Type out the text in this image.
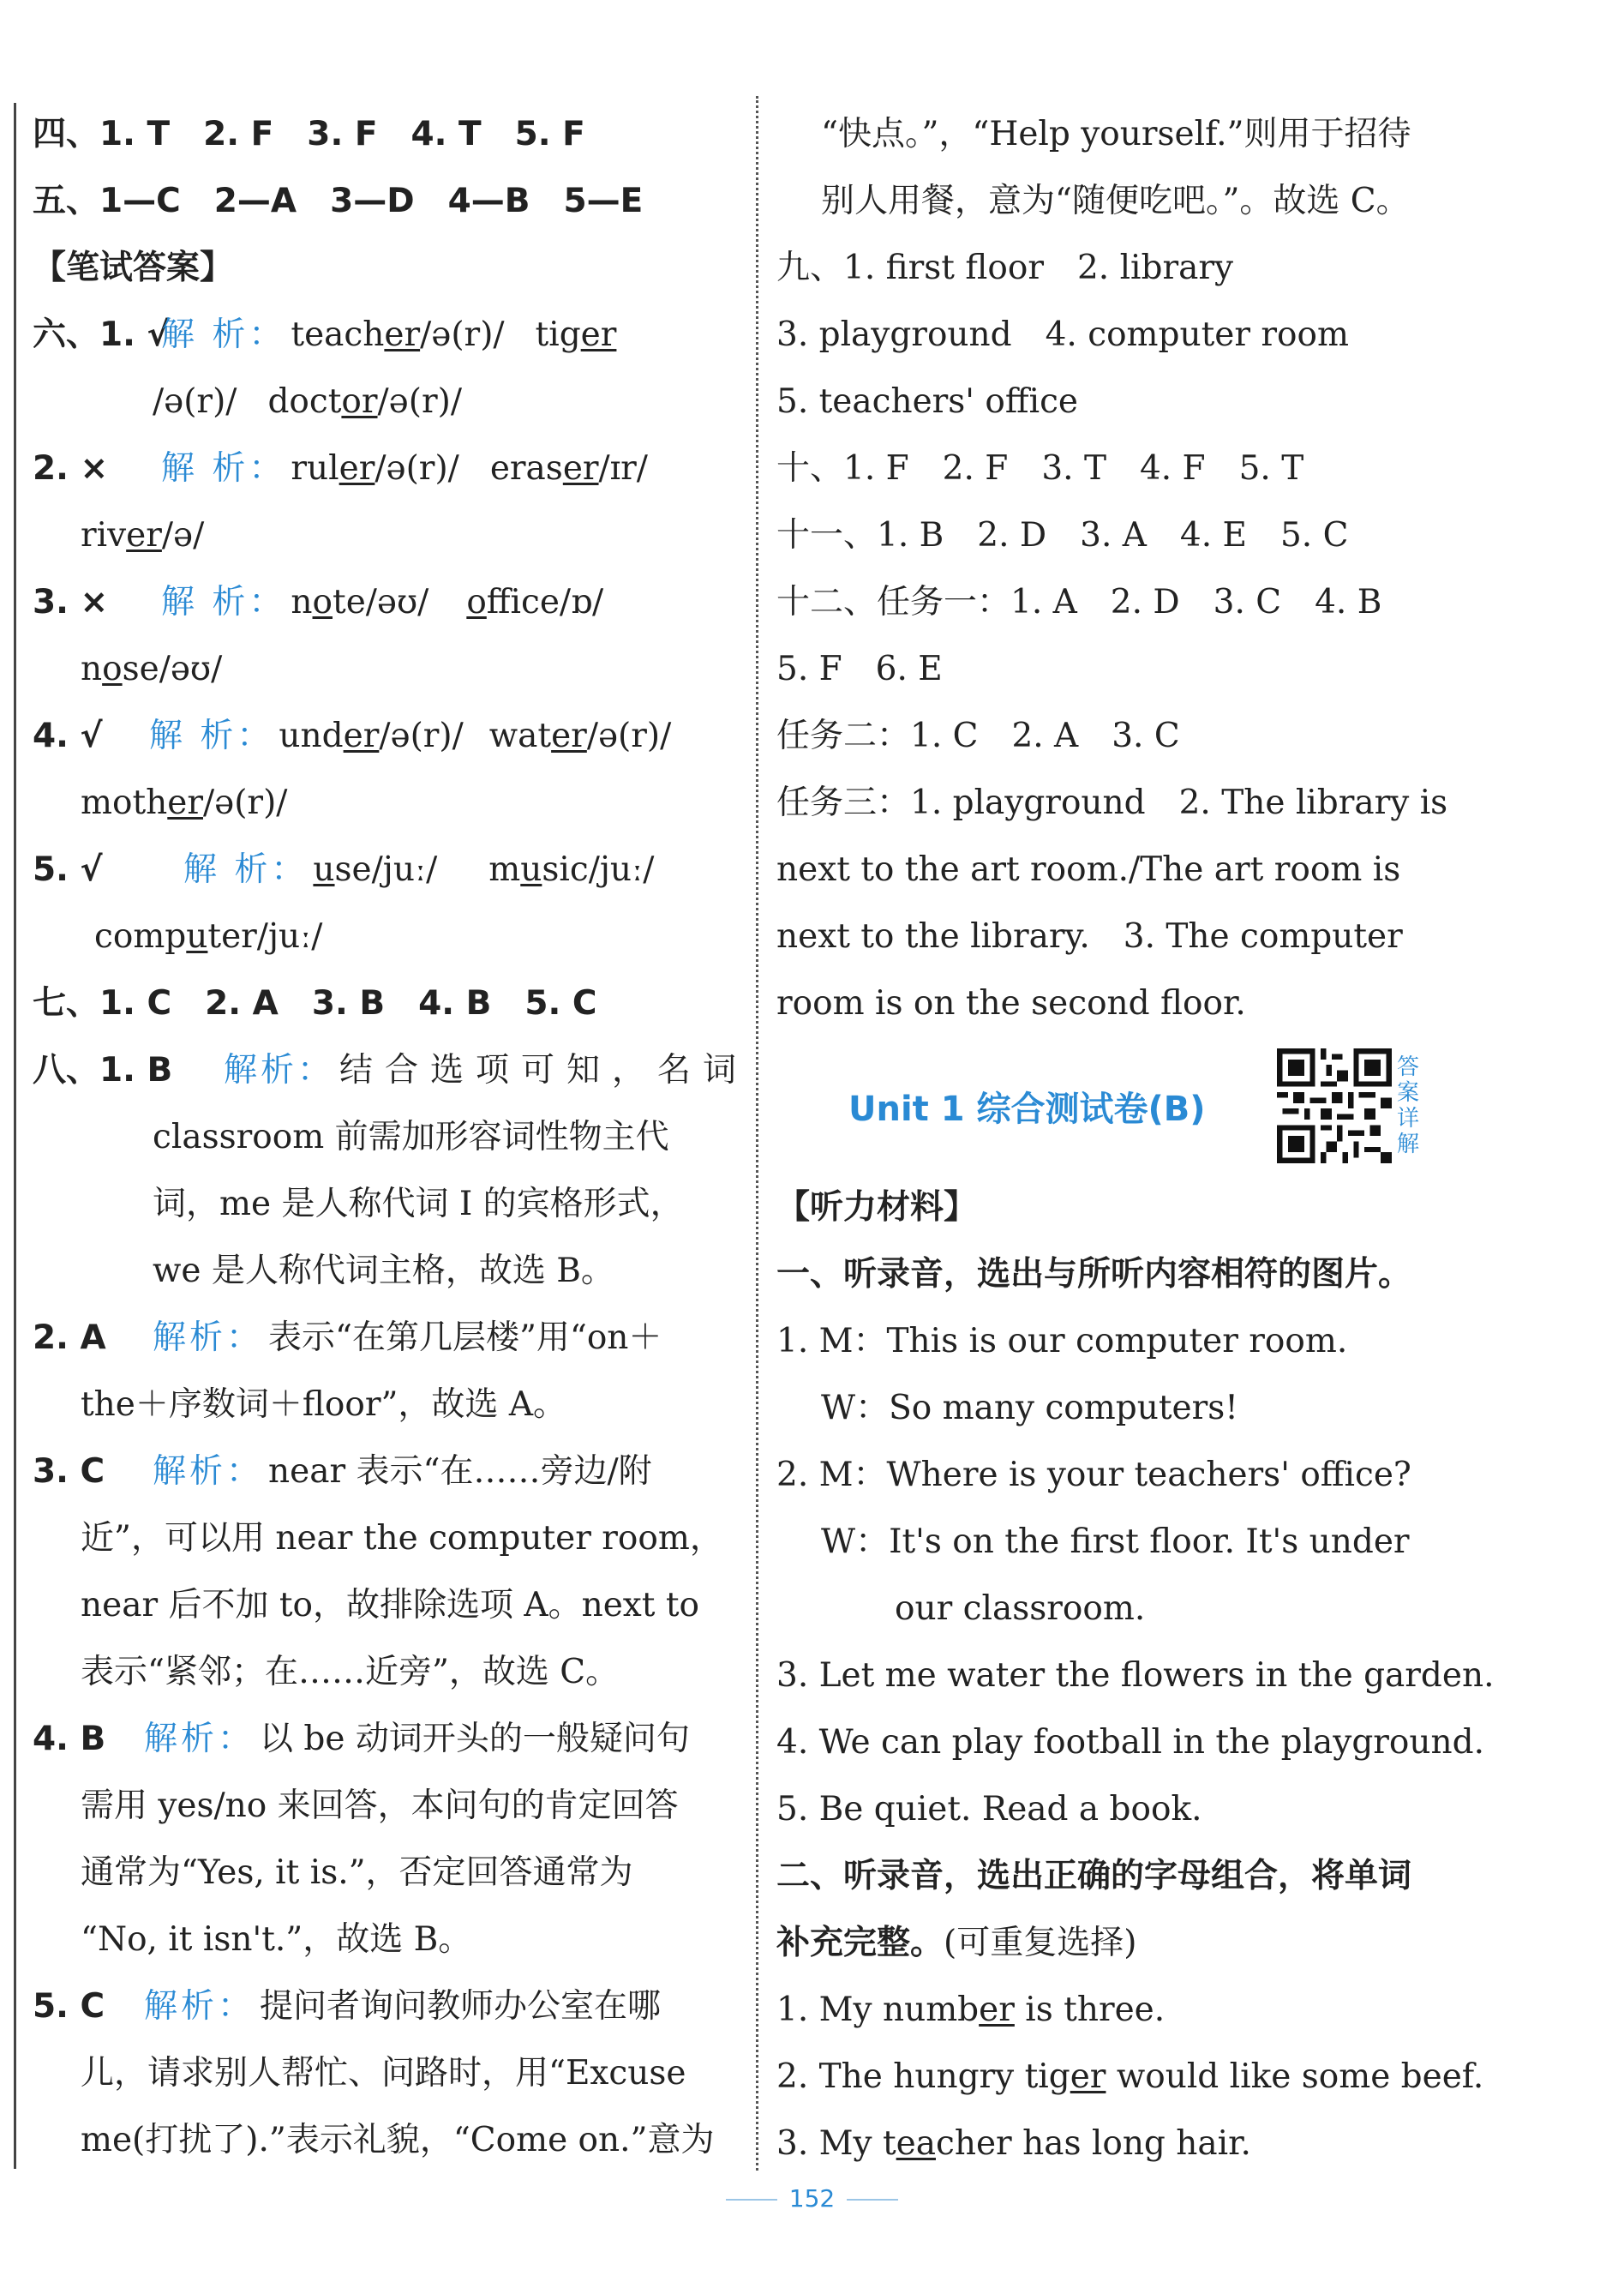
四、1. T　2. F　3. F　4. T　5. F
五、1—C　2—A　3—D　4—B　5—E
【笔试答案】
六、1. √
解 析： teacher/ə(r)/ tiger
/ə(r)/ doctor/ə(r)/
2. ×	解 析： ruler/ə(r)/ eraser/ɪr/
river/ə/
3. ×	解 析： note/əʊ/ office/ɒ/
nose/əʊ/
4. √	解 析： under/ə(r)/ water/ə(r)/
mother/ə(r)/
5. √	解 析： use/juː/ music/juː/
computer/juː/
七、1. C　2. A　3. B　4. B　5. C
八、1. B	解析： 结合选项可知，名词
classroom 前需加形容词性物主代
词，me 是人称代词 I 的宾格形式，
we 是人称代词主格，故选 B。
2. A	解析： 表示“在第几层楼”用“on＋
the＋序数词＋floor”，故选 A。
3. C	解析： near 表示“在……旁边/附
近”，可以用 near the computer room，
near 后不加 to，故排除选项 A。next to
表示“紧邻；在……近旁”，故选 C。
4. B	解析： 以 be 动词开头的一般疑问句
需用 yes/no 来回答，本问句的肯定回答
通常为“Yes, it is.”，否定回答通常为
“No, it isn't.”，故选 B。
5. C	解析： 提问者询问教师办公室在哪
儿，请求别人帮忙、问路时，用“Excuse
me(打扰了).”表示礼貌，“Come on.”意为
“快点。”，“Help yourself.”则用于招待
别人用餐，意为“随便吃吧。”。故选 C。
九、1. first floor　2. library
3. playground　4. computer room
5. teachers' office
十、1. F　2. F　3. T　4. F　5. T
十一、1. B　2. D　3. A　4. E　5. C
十二、任务一：1. A　2. D　3. C　4. B
5. F　6. E
任务二：1. C　2. A　3. C
任务三：1. playground　2. The library is
next to the art room./The art room is
next to the library.　3. The computer
room is on the second floor.
Unit 1 综合测试卷(B)
答
案
详
解
【听力材料】
一、听录音，选出与所听内容相符的图片。
1. M：This is our computer room.
W：So many computers!
2. M：Where is your teachers' office?
W：It's on the first floor. It's under
our classroom.
3. Let me water the flowers in the garden.
4. We can play football in the playground.
5. Be quiet. Read a book.
二、听录音，选出正确的字母组合，将单词
补充完整。 (可重复选择)
1. My numb er is three.
2. The hungry tig er would like some beef.
3. My t ea cher has long hair.
152
